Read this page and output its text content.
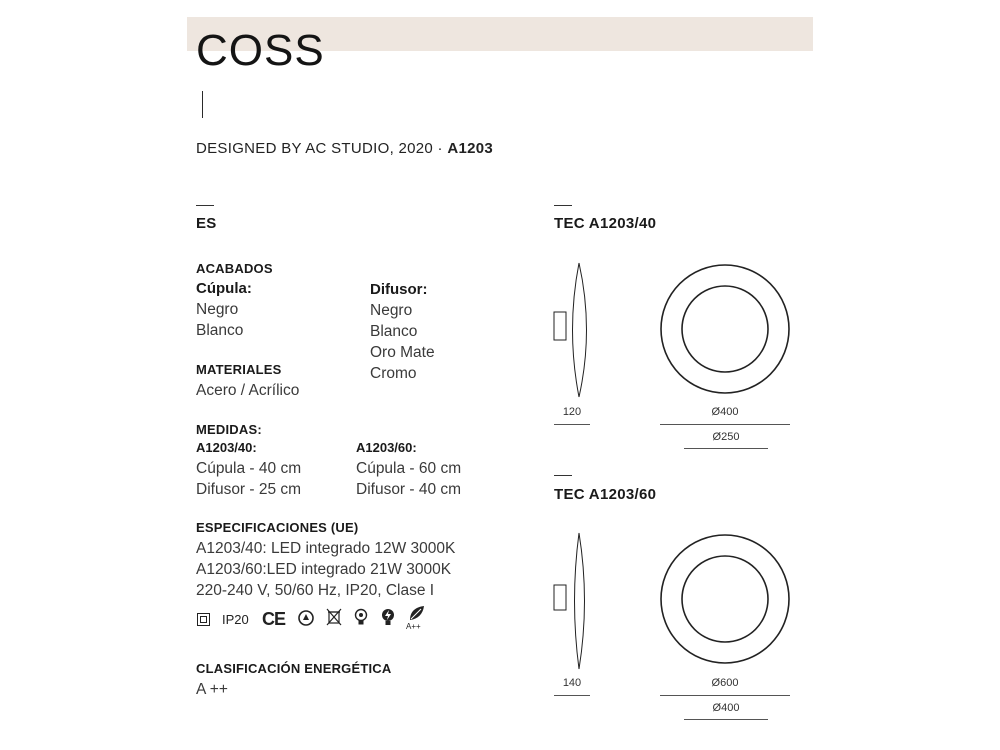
COSS
DESIGNED BY AC STUDIO, 2020 · A1203
ES
ACABADOS
Cúpula:
Negro
Blanco
Difusor:
Negro
Blanco
Oro Mate
Cromo
MATERIALES
Acero / Acrílico
MEDIDAS:
A1203/40:
Cúpula - 40 cm
Difusor - 25 cm
A1203/60:
Cúpula - 60 cm
Difusor - 40 cm
ESPECIFICACIONES (UE)
A1203/40: LED integrado 12W 3000K
A1203/60:LED integrado 21W 3000K
220-240 V, 50/60 Hz, IP20, Clase I
IP20 CE	A++
CLASIFICACIÓN ENERGÉTICA
A ++
TEC A1203/40
120	Ø400
Ø250
TEC A1203/60
140	Ø600
Ø400
